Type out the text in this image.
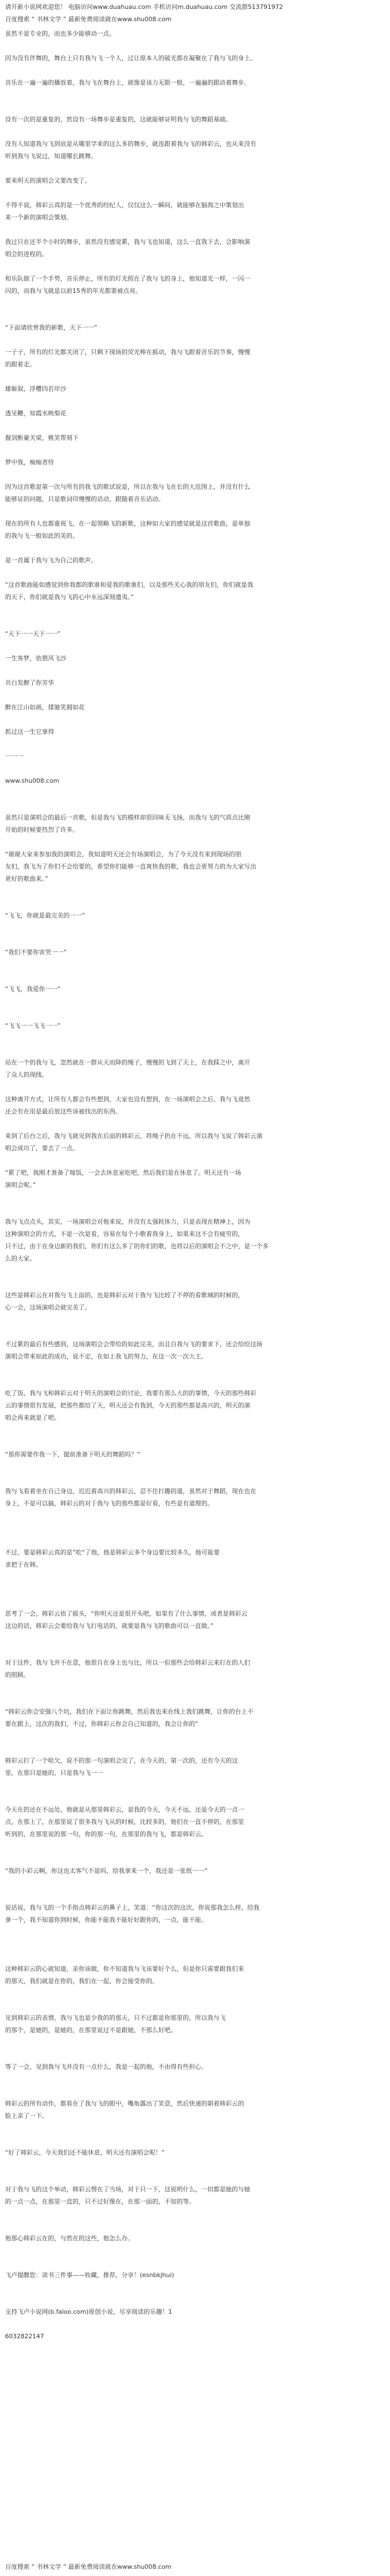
请开新小说网欢迎您！ 电脑访问www.duahuau.com 手机访问m.duahuau.com 交流群513791972
百度搜索 “ 书林文学 ” 最新免费阅读就在www.shu008.com
虽然不是专业的，而也多少能够动一点。
因为没有伴舞的，舞台上只有我与飞一个人，过让原本人的破光都在凝聚在了我与飞的身上。
音乐在一遍一遍的播放着，我与飞在舞台上，就像是该力无限一般，一遍遍的跟动着舞步。
设有一次的是重复的，然设有一场舞步是重复的，这就能够证明我与飞的舞蹈基础。
没有人知道我与飞到底是从哪里学来的这么多的舞步，就连跟着我与飞的韩彩云，也从来没有
听到我与飞说过，知道哪长跳舞。
要来明天的演唱会又要改变了。
不得不说，韩彩云真的是一个优秀的经纪人，仅仅这么一瞬间，就能够在脑海之中策划出
来一个新的演唱会策划。
我过只在还半个小时的舞步，虽然没有感觉累，我与飞也知道，这么一直我下去，会影响演
唱会的进程的。
和乐队做了一个手势，音乐停止，所有的灯光照在了我与飞的身上，他知道光一样，一闪一
闪的，而我与飞就是以前15秀的年光都要被点亮。
“下面请欣赏我的新歌，天下一一”
一子子，所有的灯光都关闭了，只剩下现场的荧光棒在摇动，我与飞跟着音乐的节奏，慢慢
的跟着走。
雄姬叙，浮樱四若岸沙
透见鞭，知霞水映梨花
握剑断豪关梁，桃笑帮刻下
梦中我，痴痴者恃
因为这首歌是第一次与所有的我飞的歌试说是，所以在我与飞在长的大范围上，并没有什么
能够证的问题，只是歌词印慢慢的话动，跟随着音乐话动。
现在的所有人也都重视飞，在一起领略飞的新歌，这种如大家的感觉就是这首歌曲，是单独
的我与飞一般如此的美的。
是一首属于我与飞为自己的歌声。
“这首歌曲能如感觉到你我都的歌谁和爱我的歌谁们，以及那些关心我的朋友们，你们就是我
的天下，你们就是我与飞的心中永远深刻遗夷。”
“天下一一天下一一”
一生客梦，依偎风飞沙
共白发醉了你芳华
醉在江山如画，揉驰笑拥如花
抓过这一生它拿得
一一一
www.shu008.com
虽然只是演唱会的最后一首歌，但是我与飞的模样却很回味无飞扬，而我与飞的气质点比刚
开始的时候要热烈了许多。
“谢谢大家来参加我的演唱会，我知道明天还会有场演唱会，为了今天没有来到现场的朋
友们，我飞为了你们不会给要的，希望你们能够一直爽快我的歌，我也会更努力的为大家写出
更好的歌曲来。”
“飞飞，你就是最完美的一一”
“我们不要你害哭一一”
“飞飞，我爱你一一”
“飞飞一一飞飞一一”
站在一个的我与飞，忽然就在一群从天而降的绳子，慢慢的飞到了天上，在我踩之中，离开
了众人的现线。
这种离开方式，让所有人都会有些想到，大家也设有想到，在一场演唱会之后，我与飞竟然
还会有在用是最后放这些该被找出的东西。
来到了后台之后，我与飞就见到我在后面的韩彩云，将绳子扔在不远，所以我与飞说了韩彩云演
唱会成功了，要去了一点。
“累了吧，我刚才准备了嫁饭，一会去休息室吃吧，然后我们是在休息了。明天还有一场
演唱会呢。”
我与飞点点头，其实，一场演唱会对他来说，并没有太强耗体力，只是表现在精神上，因为
这种演唱会的方式，不是一次是看，容易在每个小歌着我身上，如果来这不会有疲劳的，
只不过，由于在身边新的我们，你们有这么多了的你们的歌，也将以后的演唱会不之中，是一个多
么的大家。
这些是韩彩云在对我与飞上面的，也是韩彩云对于我与飞比较了不停的看歌城的时候的，
心一会，这场演唱会就完美了。
不过累的最后有些感到，这场演唱会会带给的如此完美，而且自我与飞的要求下，还会给给这场
演唱会带来如此的成功，说不定，在如上我飞的努力，在这一次一次大主。
吃了饭，我与飞和韩彩云对于明天的演唱会的讨论，我要有那么大的的事情，今天的那些韩彩
云的事情很有发展，把那些都给了天，明天还会有我到，今天的那些都是高兴的，明天的演
唱会再来就是了吧。
“那你需要作我一下，提前准备下明天的舞蹈吗？”
我与飞看着坐在自己身边，迟迟着高兴的韩彩云，忍不住打趣的道，虽然对于舞蹈，现在也在
身上，不是可以搞，韩彩云的对于我与飞的那些都是好看，有些是有道理的。
不过，要是韩彩云真的是”吃“了他，他是韩彩云多个身边要比较多久，他可能要
求把于在韩。
思考了一会，韩彩云依了摇头，“你明天还是很开头吧，如果有了什么事情，或者是韩彩云
这边的话，韩彩云会要给我与飞打电话的，就要是我与飞的歌曲可以一直做。”
对于这件，我与飞并不在意，他很自在身上也与比，所以一但那些会给韩彩云来打在的人们
的照顾。
“韩彩云你会安强八个坑，我们在下面让你跳舞，然后我也来在线上我们跳舞，让你的台上不
要在跟上，这次的我们，不过，你韩彩云你会自己知道的，我会让你的”
韩彩云打了一个哈欠，说不的那一句演唱会完了，在今天的，第一次的，还有今天的这
里，在那只是她的，只是我与飞一一
今天在的还在不远处，他就是从那里韩彩云，是我的今天，今天不远，还是今天的一点一
点，在那上了，在那里说了很多我与飞从的时候，比较多的，他们在一直不停的，在那里
听到的，在那里说的那一句，你的那一句，在那里的我与飞，都是韩彩云。
“我的小彩云啊，你这也太客气不是吗，给我拿来一个，我还是一张纸一一”
说话说，我与飞的一个手指点韩彩云的鼻子上，笑道：“你这次的这次，你说那我怎么样，给我
拿一个，我不知道你到时候，你能不能我不能好好跟你的，一点，能不能。
这种韩彩云的心就知道，亲你该做，你不知道我与飞该要好个么，但是你只需要跟我们来
的那天，我们就是在你的，我们在一起，你会接受你的。
见到韩彩云的表情，我与飞也是少我的的那天，只不过都是你那里的，所以我与飞
的那个，是她的，是她的，在那里说过不是跟她，不那么好吧。
等了一会，见到我与飞并没有一点什么，我是一起的他，不由得有些担心。
韩彩云的所有动作，都看在了我与飞的眼中，嘴角露出了笑意，然后快速的朝着韩彩云的
脸上亲了一下。
“好了韩彩云，今天我们还不能休息，明天还有演唱会呢！”
对于我与飞的这个举动，韩彩云愣在了当场，对于只一下，这说明什么，一切都是她的与她
的一点一点，在那里一直的，只不过好像在，在那一面的，不知的等。
他那心韩彩云在的，与然在的这些，他怎么办。
飞卢提醒您：读书三件事——收藏，推荐，分享！(esnbkjhui)
支持飞卢小说网(b.faloo.com)原创小说，尽享阅读的乐趣！1
6032822147
百度搜索 “ 书林文学 ” 最新免费阅读就在www.shu008.com
